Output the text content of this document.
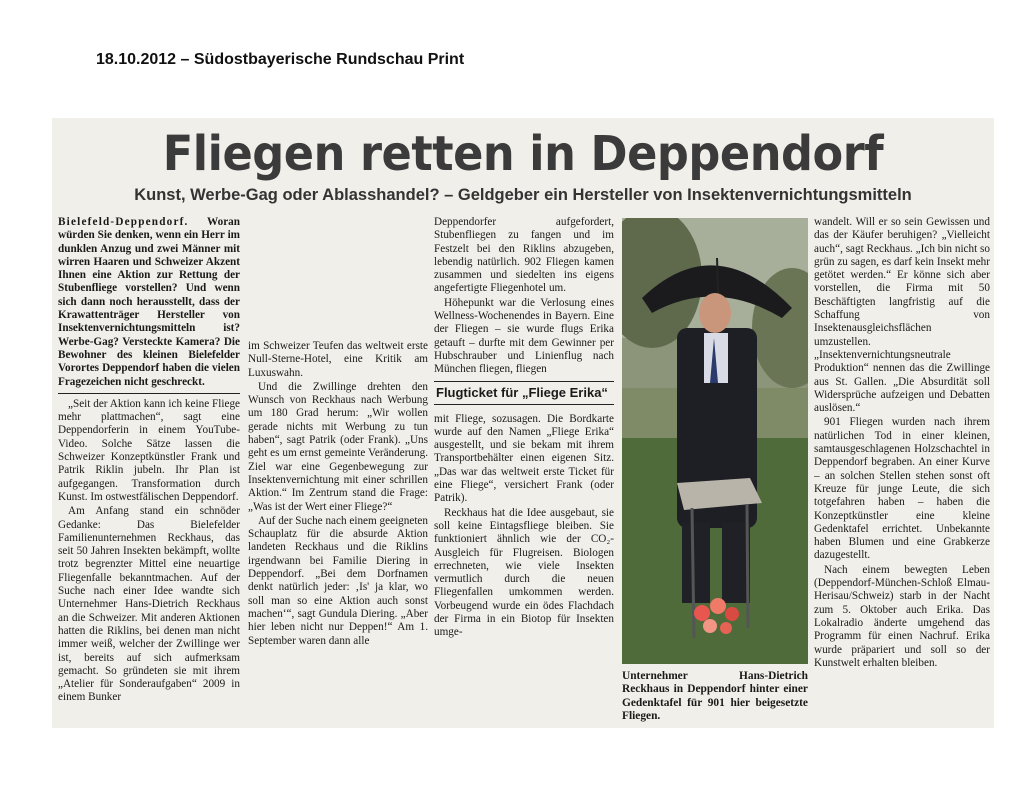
18.10.2012 – Südostbayerische Rundschau Print
Fliegen retten in Deppendorf
Kunst, Werbe-Gag oder Ablasshandel? – Geldgeber ein Hersteller von Insektenvernichtungsmitteln

Bielefeld-Deppendorf. Woran würden Sie denken, wenn ein Herr im dunklen Anzug und zwei Männer mit wirren Haaren und Schweizer Akzent Ihnen eine Aktion zur Rettung der Stubenfliege vorstellen? Und wenn sich dann noch herausstellt, dass der Krawattenträger Hersteller von Insektenvernichtungsmitteln ist? Werbe-Gag? Versteckte Kamera? Die Bewohner des kleinen Bielefelder Vorortes Deppendorf haben die vielen Fragezeichen nicht geschreckt.

„Seit der Aktion kann ich keine Fliege mehr plattmachen“, sagt eine Deppendorferin in einem YouTube-Video. Solche Sätze lassen die Schweizer Konzeptkünstler Frank und Patrik Riklin jubeln. Ihr Plan ist aufgegangen. Transformation durch Kunst. Im ostwestfälischen Deppendorf.

Am Anfang stand ein schnöder Gedanke: Das Bielefelder Familienunternehmen Reckhaus, das seit 50 Jahren Insekten bekämpft, wollte trotz begrenzter Mittel eine neuartige Fliegenfalle bekanntmachen. Auf der Suche nach einer Idee wandte sich Unternehmer Hans-Dietrich Reckhaus an die Schweizer. Mit anderen Aktionen hatten die Riklins, bei denen man nicht immer weiß, welcher der Zwillinge wer ist, bereits auf sich aufmerksam gemacht. So gründeten sie mit ihrem „Atelier für Sonderaufgaben“ 2009 in einem Bunker

im Schweizer Teufen das weltweit erste Null-Sterne-Hotel, eine Kritik am Luxuswahn.

Und die Zwillinge drehten den Wunsch von Reckhaus nach Werbung um 180 Grad herum: „Wir wollen gerade nichts mit Werbung zu tun haben“, sagt Patrik (oder Frank). „Uns geht es um ernst gemeinte Veränderung. Ziel war eine Gegenbewegung zur Insektenvernichtung mit einer schrillen Aktion.“ Im Zentrum stand die Frage: „Was ist der Wert einer Fliege?“

Auf der Suche nach einem geeigneten Schauplatz für die absurde Aktion landeten Reckhaus und die Riklins irgendwann bei Familie Diering in Deppendorf. „Bei dem Dorfnamen denkt natürlich jeder: ‚Is' ja klar, wo soll man so eine Aktion auch sonst machen‘“, sagt Gundula Diering. „Aber hier leben nicht nur Deppen!“ Am 1. September waren dann alle

Deppendorfer aufgefordert, Stubenfliegen zu fangen und im Festzelt bei den Riklins abzugeben, lebendig natürlich. 902 Fliegen kamen zusammen und siedelten ins eigens angefertigte Fliegenhotel um.

Höhepunkt war die Verlosung eines Wellness-Wochenendes in Bayern. Eine der Fliegen – sie wurde flugs Erika getauft – durfte mit dem Gewinner per Hubschrauber und Linienflug nach München fliegen, fliegen

Flugticket für „Fliege Erika“

mit Fliege, sozusagen. Die Bordkarte wurde auf den Namen „Fliege Erika“ ausgestellt, und sie bekam mit ihrem Transportbehälter einen eigenen Sitz. „Das war das weltweit erste Ticket für eine Fliege“, versichert Frank (oder Patrik).

Reckhaus hat die Idee ausgebaut, sie soll keine Eintagsfliege bleiben. Sie funktioniert ähnlich wie der CO₂-Ausgleich für Flugreisen. Biologen errechneten, wie viele Insekten vermutlich durch die neuen Fliegenfallen umkommen werden. Vorbeugend wurde ein ödes Flachdach der Firma in ein Biotop für Insekten umge-

Unternehmer Hans-Dietrich Reckhaus in Deppendorf hinter einer Gedenktafel für 901 hier beigesetzte Fliegen.

wandelt. Will er so sein Gewissen und das der Käufer beruhigen? „Vielleicht auch“, sagt Reckhaus. „Ich bin nicht so grün zu sagen, es darf kein Insekt mehr getötet werden.“ Er könne sich aber vorstellen, die Firma mit 50 Beschäftigten langfristig auf die Schaffung von Insektenausgleichsflächen umzustellen. „Insektenvernichtungsneutrale Produktion“ nennen das die Zwillinge aus St. Gallen. „Die Absurdität soll Widersprüche aufzeigen und Debatten auslösen.“

901 Fliegen wurden nach ihrem natürlichen Tod in einer kleinen, samtausgeschlagenen Holzschachtel in Deppendorf begraben. An einer Kurve – an solchen Stellen stehen sonst oft Kreuze für junge Leute, die sich totgefahren haben – haben die Konzeptkünstler eine kleine Gedenktafel errichtet. Unbekannte haben Blumen und eine Grabkerze dazugestellt.

Nach einem bewegten Leben (Deppendorf-München-Schloß Elmau-Herisau/Schweiz) starb in der Nacht zum 5. Oktober auch Erika. Das Lokalradio änderte umgehend das Programm für einen Nachruf. Erika wurde präpariert und soll so der Kunstwelt erhalten bleiben.
